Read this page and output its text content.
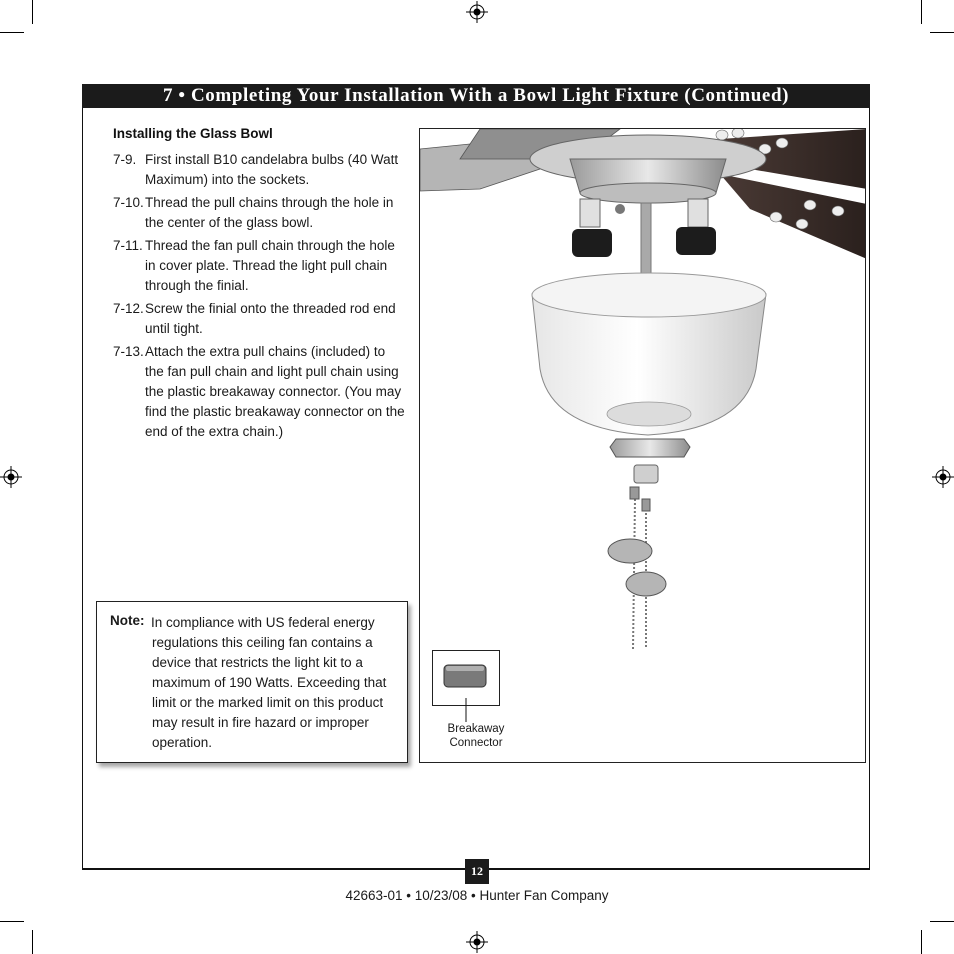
7 • Completing Your Installation With a Bowl Light Fixture (Continued)
Installing the Glass Bowl
7-9. First install B10 candelabra bulbs (40 Watt Maximum) into the sockets.
7-10. Thread the pull chains through the hole in the center of the glass bowl.
7-11. Thread the fan pull chain through the hole in cover plate. Thread the light pull chain through the finial.
7-12. Screw the finial onto the threaded rod end until tight.
7-13. Attach the extra pull chains (included) to the fan pull chain and light pull chain using the plastic breakaway connector. (You may find the plastic breakaway connector on the end of the extra chain.)
Note: In compliance with US federal energy regulations this ceiling fan contains a device that restricts the light kit to a maximum of 190 Watts. Exceeding that limit or the marked limit on this product may result in fire hazard or improper operation.
Breakaway
Connector
12
42663-01 • 10/23/08 • Hunter Fan Company
